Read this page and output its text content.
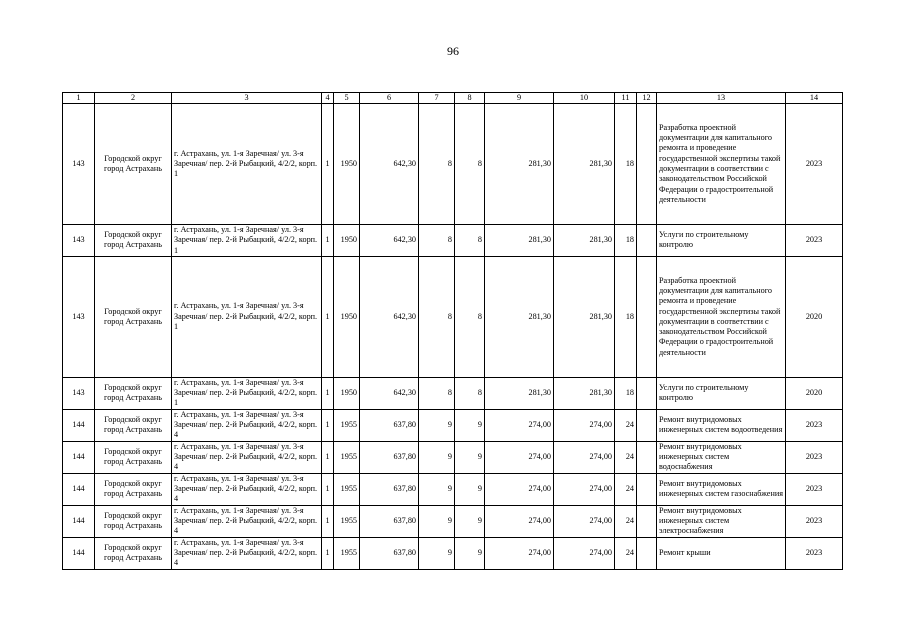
96
1	2	3	4	5	6	7	8	9	10	11	12	13	14
143	Городской округ город Астрахань	г. Астрахань, ул. 1-я Заречная/ ул. 3-я Заречная/ пер. 2-й Рыбацкий, 4/2/2, корп. 1	1	1950	642,30	8	8	281,30	281,30	18		Разработка проектной документации для капитального ремонта и проведение государственной экспертизы такой документации в соответствии с законодательством Российской Федерации о градостроительной деятельности	2023
143	Городской округ город Астрахань	г. Астрахань, ул. 1-я Заречная/ ул. 3-я Заречная/ пер. 2-й Рыбацкий, 4/2/2, корп. 1	1	1950	642,30	8	8	281,30	281,30	18		Услуги по строительному контролю	2023
143	Городской округ город Астрахань	г. Астрахань, ул. 1-я Заречная/ ул. 3-я Заречная/ пер. 2-й Рыбацкий, 4/2/2, корп. 1	1	1950	642,30	8	8	281,30	281,30	18		Разработка проектной документации для капитального ремонта и проведение государственной экспертизы такой документации в соответствии с законодательством Российской Федерации о градостроительной деятельности	2020
143	Городской округ город Астрахань	г. Астрахань, ул. 1-я Заречная/ ул. 3-я Заречная/ пер. 2-й Рыбацкий, 4/2/2, корп. 1	1	1950	642,30	8	8	281,30	281,30	18		Услуги по строительному контролю	2020
144	Городской округ город Астрахань	г. Астрахань, ул. 1-я Заречная/ ул. 3-я Заречная/ пер. 2-й Рыбацкий, 4/2/2, корп. 4	1	1955	637,80	9	9	274,00	274,00	24		Ремонт внутридомовых инженерных систем водоотведения	2023
144	Городской округ город Астрахань	г. Астрахань, ул. 1-я Заречная/ ул. 3-я Заречная/ пер. 2-й Рыбацкий, 4/2/2, корп. 4	1	1955	637,80	9	9	274,00	274,00	24		Ремонт внутридомовых инженерных систем водоснабжения	2023
144	Городской округ город Астрахань	г. Астрахань, ул. 1-я Заречная/ ул. 3-я Заречная/ пер. 2-й Рыбацкий, 4/2/2, корп. 4	1	1955	637,80	9	9	274,00	274,00	24		Ремонт внутридомовых инженерных систем газоснабжения	2023
144	Городской округ город Астрахань	г. Астрахань, ул. 1-я Заречная/ ул. 3-я Заречная/ пер. 2-й Рыбацкий, 4/2/2, корп. 4	1	1955	637,80	9	9	274,00	274,00	24		Ремонт внутридомовых инженерных систем электроснабжения	2023
144	Городской округ город Астрахань	г. Астрахань, ул. 1-я Заречная/ ул. 3-я Заречная/ пер. 2-й Рыбацкий, 4/2/2, корп. 4	1	1955	637,80	9	9	274,00	274,00	24		Ремонт крыши	2023
